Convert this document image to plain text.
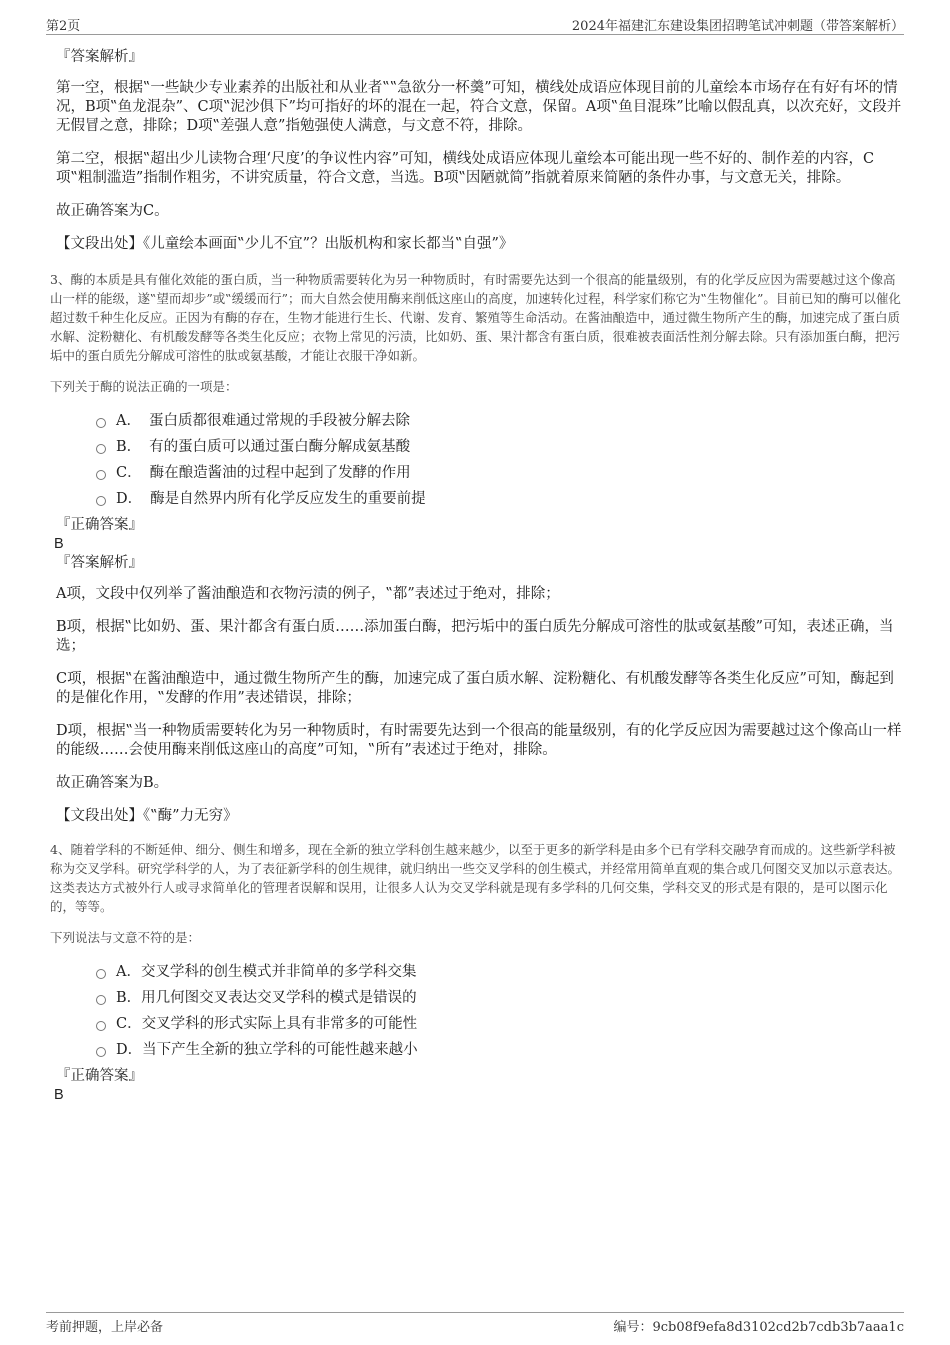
第2页	2024年福建汇东建设集团招聘笔试冲刺题（带答案解析）

『答案解析』

第一空，根据‟一些缺少专业素养的出版社和从业者‟‟急欲分一杯羹”可知，横线处成语应体现目前的儿童绘本市场存在有好有坏的情况，B项‟鱼龙混杂”、C项‟泥沙俱下”均可指好的坏的混在一起，符合文意，保留。A项‟鱼目混珠”比喻以假乱真，以次充好，文段并无假冒之意，排除；D项‟差强人意”指勉强使人满意，与文意不符，排除。

第二空，根据‟超出少儿读物合理‘尺度’的争议性内容”可知，横线处成语应体现儿童绘本可能出现一些不好的、制作差的内容，C项‟粗制滥造”指制作粗劣，不讲究质量，符合文意，当选。B项‟因陋就简”指就着原来简陋的条件办事，与文意无关，排除。

故正确答案为C。

【文段出处】《儿童绘本画面‟少儿不宜”？出版机构和家长都当‟自强”》

3、酶的本质是具有催化效能的蛋白质，当一种物质需要转化为另一种物质时，有时需要先达到一个很高的能量级别，有的化学反应因为需要越过这个像高山一样的能级，遂‟望而却步”或‟缓缓而行”；而大自然会使用酶来削低这座山的高度，加速转化过程，科学家们称它为‟生物催化”。目前已知的酶可以催化超过数千种生化反应。正因为有酶的存在，生物才能进行生长、代谢、发育、繁殖等生命活动。在酱油酿造中，通过微生物所产生的酶，加速完成了蛋白质水解、淀粉糖化、有机酸发酵等各类生化反应；衣物上常见的污渍，比如奶、蛋、果汁都含有蛋白质，很难被表面活性剂分解去除。只有添加蛋白酶，把污垢中的蛋白质先分解成可溶性的肽或氨基酸，才能让衣服干净如新。

下列关于酶的说法正确的一项是：

A． 蛋白质都很难通过常规的手段被分解去除
B． 有的蛋白质可以通过蛋白酶分解成氨基酸
C． 酶在酿造酱油的过程中起到了发酵的作用
D． 酶是自然界内所有化学反应发生的重要前提

『正确答案』

B

『答案解析』

A项，文段中仅列举了酱油酿造和衣物污渍的例子，‟都”表述过于绝对，排除；

B项，根据‟比如奶、蛋、果汁都含有蛋白质……添加蛋白酶，把污垢中的蛋白质先分解成可溶性的肽或氨基酸”可知，表述正确，当选；

C项，根据‟在酱油酿造中，通过微生物所产生的酶，加速完成了蛋白质水解、淀粉糖化、有机酸发酵等各类生化反应”可知，酶起到的是催化作用，‟发酵的作用”表述错误，排除；

D项，根据‟当一种物质需要转化为另一种物质时，有时需要先达到一个很高的能量级别，有的化学反应因为需要越过这个像高山一样的能级……会使用酶来削低这座山的高度”可知，‟所有”表述过于绝对，排除。

故正确答案为B。

【文段出处】《‟酶”力无穷》

4、随着学科的不断延伸、细分、侧生和增多，现在全新的独立学科创生越来越少，以至于更多的新学科是由多个已有学科交融孕育而成的。这些新学科被称为交叉学科。研究学科学的人，为了表征新学科的创生规律，就归纳出一些交叉学科的创生模式，并经常用简单直观的集合或几何图交叉加以示意表达。这类表达方式被外行人或寻求简单化的管理者误解和误用，让很多人认为交叉学科就是现有多学科的几何交集，学科交叉的形式是有限的，是可以图示化的，等等。

下列说法与文意不符的是：

A． 交叉学科的创生模式并非简单的多学科交集
B． 用几何图交叉表达交叉学科的模式是错误的
C． 交叉学科的形式实际上具有非常多的可能性
D． 当下产生全新的独立学科的可能性越来越小

『正确答案』

B

考前押题，上岸必备	编号：9cb08f9efa8d3102cd2b7cdb3b7aaa1c
